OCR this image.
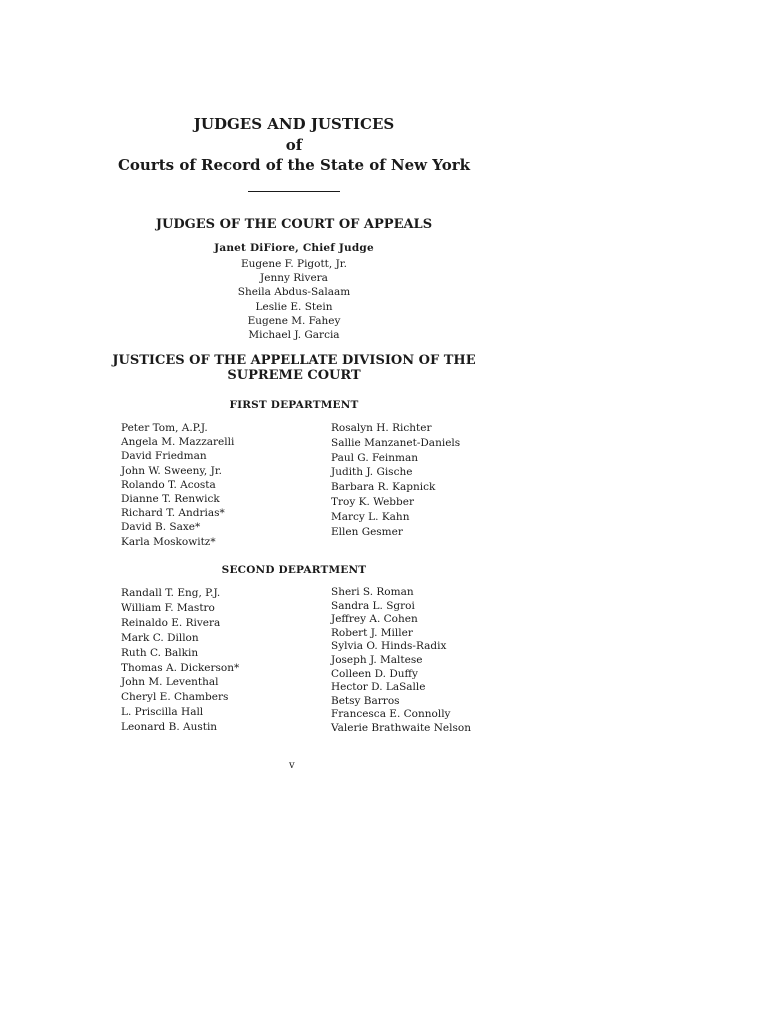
JUDGES AND JUSTICES
of
Courts of Record of the State of New York
JUDGES OF THE COURT OF APPEALS
Janet DiFiore, Chief Judge
Eugene F. Pigott, Jr.
Jenny Rivera
Sheila Abdus-Salaam
Leslie E. Stein
Eugene M. Fahey
Michael J. Garcia
JUSTICES OF THE APPELLATE DIVISION OF THE
SUPREME COURT
FIRST DEPARTMENT
Peter Tom, A.P.J.
Angela M. Mazzarelli
David Friedman
John W. Sweeny, Jr.
Rolando T. Acosta
Dianne T. Renwick
Richard T. Andrias*
David B. Saxe*
Karla Moskowitz*
Rosalyn H. Richter
Sallie Manzanet-Daniels
Paul G. Feinman
Judith J. Gische
Barbara R. Kapnick
Troy K. Webber
Marcy L. Kahn
Ellen Gesmer
SECOND DEPARTMENT
Randall T. Eng, P.J.
William F. Mastro
Reinaldo E. Rivera
Mark C. Dillon
Ruth C. Balkin
Thomas A. Dickerson*
John M. Leventhal
Cheryl E. Chambers
L. Priscilla Hall
Leonard B. Austin
Sheri S. Roman
Sandra L. Sgroi
Jeffrey A. Cohen
Robert J. Miller
Sylvia O. Hinds-Radix
Joseph J. Maltese
Colleen D. Duffy
Hector D. LaSalle
Betsy Barros
Francesca E. Connolly
Valerie Brathwaite Nelson
v
